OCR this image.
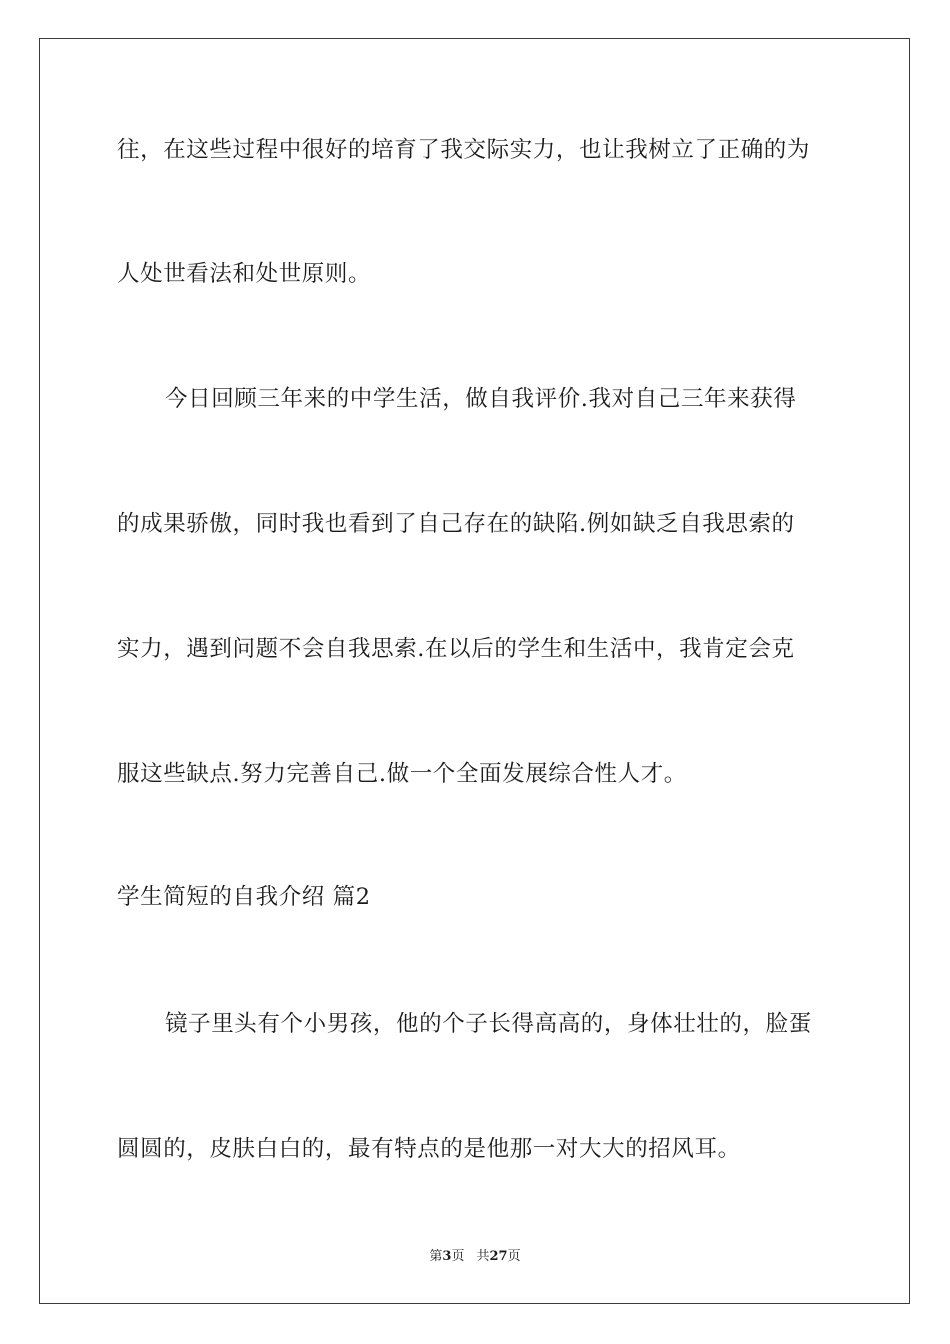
往，在这些过程中很好的培育了我交际实力，也让我树立了正确的为
人处世看法和处世原则。
今日回顾三年来的中学生活，做自我评价.我对自己三年来获得
的成果骄傲，同时我也看到了自己存在的缺陷.例如缺乏自我思索的
实力，遇到问题不会自我思索.在以后的学生和生活中，我肯定会克
服这些缺点.努力完善自己.做一个全面发展综合性人才。
学生简短的自我介绍 篇2
镜子里头有个小男孩，他的个子长得高高的，身体壮壮的，脸蛋
圆圆的，皮肤白白的，最有特点的是他那一对大大的招风耳。
第3页 共27页
